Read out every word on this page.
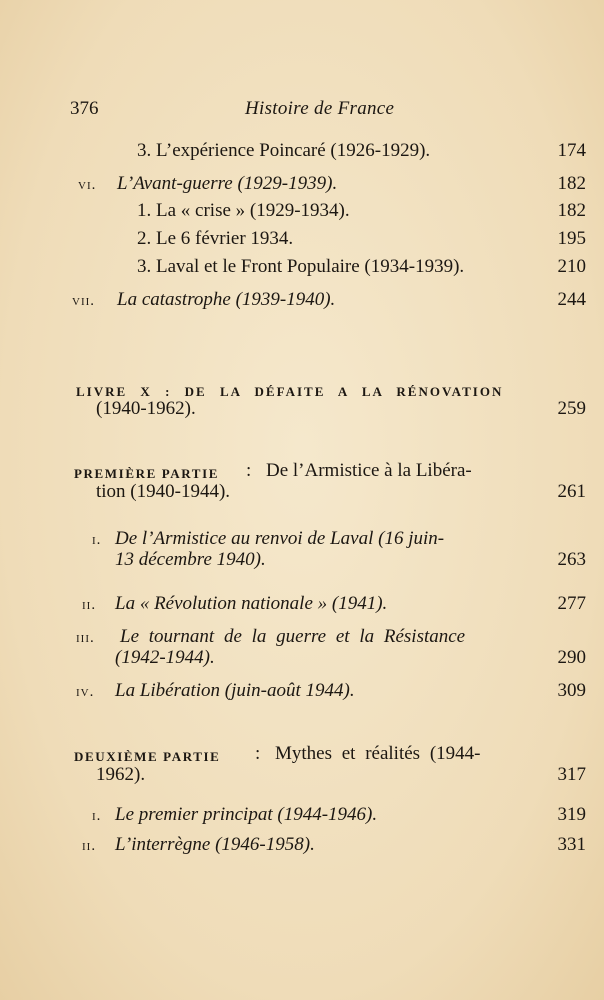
376	Histoire de France
3. L’expérience Poincaré (1926-1929).	174
vi. L’Avant-guerre (1929-1939).	182
1. La « crise » (1929-1934).	182
2. Le 6 février 1934.	195
3. Laval et le Front Populaire (1934-1939).	210
vii. La catastrophe (1939-1940).	244
LIVRE X : DE LA DÉFAITE A LA RÉNOVATION
(1940-1962).	259
PREMIÈRE PARTIE : De l’Armistice à la Libéra-
tion (1940-1944).	261
i. De l’Armistice au renvoi de Laval (16 juin-
13 décembre 1940).	263
ii. La « Révolution nationale » (1941).	277
iii. Le tournant de la guerre et la Résistance
(1942-1944).	290
iv. La Libération (juin-août 1944).	309
DEUXIÈME PARTIE : Mythes et réalités (1944-
1962).	317
i. Le premier principat (1944-1946).	319
ii. L’interrègne (1946-1958).	331
